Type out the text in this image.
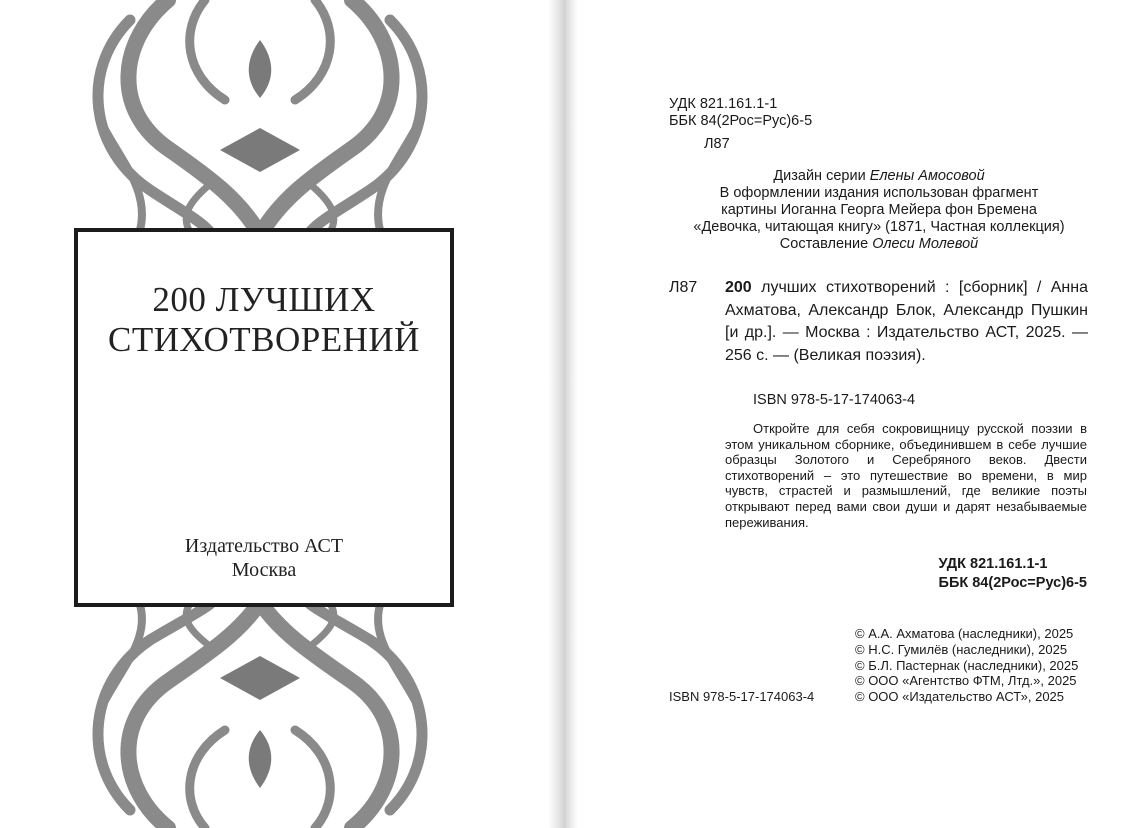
200 ЛУЧШИХ СТИХОТВОРЕНИЙ
Издательство АСТ
Москва
УДК 821.161.1-1
ББК 84(2Рос=Рус)6-5
Л87
Дизайн серии Елены Амосовой
В оформлении издания использован фрагмент
картины Иоганна Георга Мейера фон Бремена
«Девочка, читающая книгу» (1871, Частная коллекция)
Составление Олеси Молевой
Л87 200 лучших стихотворений : [сборник] / Анна Ахматова, Александр Блок, Александр Пушкин [и др.]. — Москва : Издательство АСТ, 2025. — 256 с. — (Великая поэзия).
ISBN 978-5-17-174063-4
Откройте для себя сокровищницу русской поэзии в этом уникальном сборнике, объединившем в себе лучшие образцы Золотого и Серебряного веков. Двести стихотворений – это путешествие во времени, в мир чувств, страстей и размышлений, где великие поэты открывают перед вами свои души и дарят незабываемые переживания.
УДК 821.161.1-1
ББК 84(2Рос=Рус)6-5
ISBN 978-5-17-174063-4
© А.А. Ахматова (наследники), 2025
© Н.С. Гумилёв (наследники), 2025
© Б.Л. Пастернак (наследники), 2025
© ООО «Агентство ФТМ, Лтд.», 2025
© ООО «Издательство АСТ», 2025
